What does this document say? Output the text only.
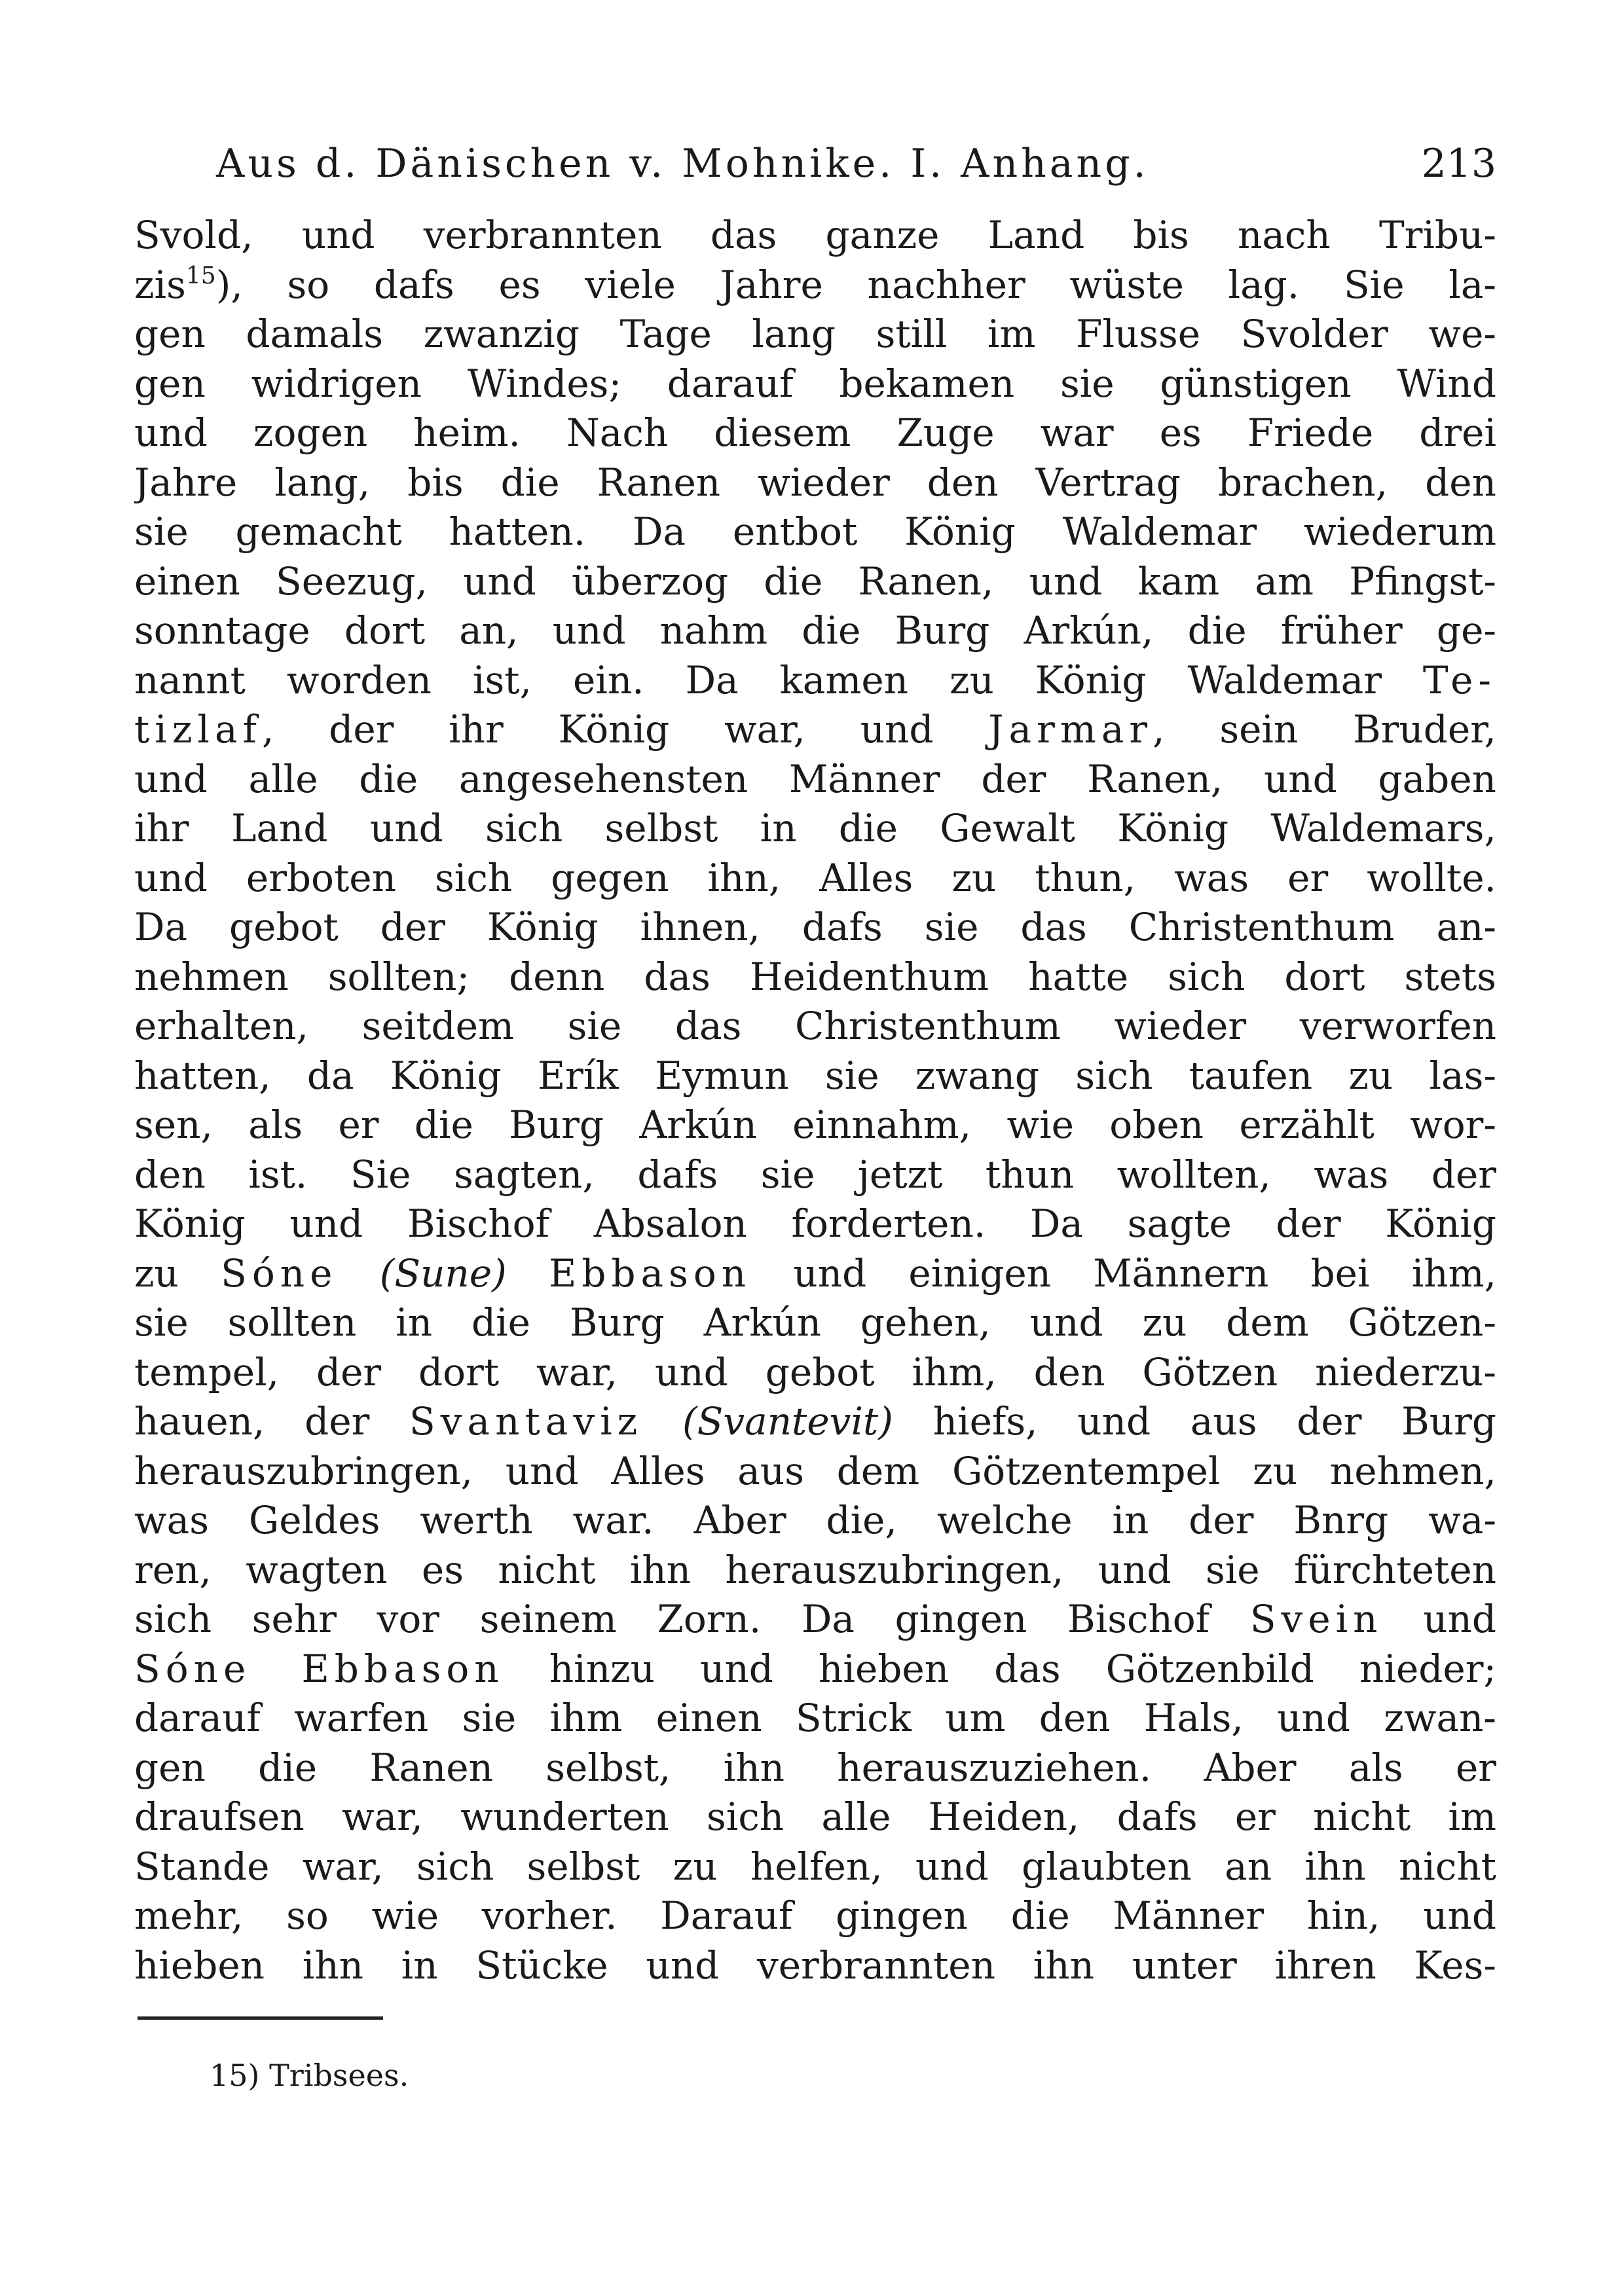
Aus d. Dänischen v. Mohnike. I. Anhang.	213
Svold, und verbrannten das ganze Land bis nach Tribu-
zis$^{15}$), so dafs es viele Jahre nachher wüste lag. Sie la-
gen damals zwanzig Tage lang still im Flusse Svolder we-
gen widrigen Windes; darauf bekamen sie günstigen Wind
und zogen heim. Nach diesem Zuge war es Friede drei
Jahre lang, bis die Ranen wieder den Vertrag brachen, den
sie gemacht hatten. Da entbot König Waldemar wiederum
einen Seezug, und überzog die Ranen, und kam am Pfingst-
sonntage dort an, und nahm die Burg Arkún, die früher ge-
nannt worden ist, ein. Da kamen zu König Waldemar Te-
tizlaf, der ihr König war, und Jarmar, sein Bruder,
und alle die angesehensten Männer der Ranen, und gaben
ihr Land und sich selbst in die Gewalt König Waldemars,
und erboten sich gegen ihn, Alles zu thun, was er wollte.
Da gebot der König ihnen, dafs sie das Christenthum an-
nehmen sollten; denn das Heidenthum hatte sich dort stets
erhalten, seitdem sie das Christenthum wieder verworfen
hatten, da König Erík Eymun sie zwang sich taufen zu las-
sen, als er die Burg Arkún einnahm, wie oben erzählt wor-
den ist. Sie sagten, dafs sie jetzt thun wollten, was der
König und Bischof Absalon forderten. Da sagte der König
zu Sóne (Sune) Ebbason und einigen Männern bei ihm,
sie sollten in die Burg Arkún gehen, und zu dem Götzen-
tempel, der dort war, und gebot ihm, den Götzen niederzu-
hauen, der Svantaviz (Svantevit) hiefs, und aus der Burg
herauszubringen, und Alles aus dem Götzentempel zu nehmen,
was Geldes werth war. Aber die, welche in der Bnrg wa-
ren, wagten es nicht ihn herauszubringen, und sie fürchteten
sich sehr vor seinem Zorn. Da gingen Bischof Svein und
Sóne Ebbason hinzu und hieben das Götzenbild nieder;
darauf warfen sie ihm einen Strick um den Hals, und zwan-
gen die Ranen selbst, ihn herauszuziehen. Aber als er
draufsen war, wunderten sich alle Heiden, dafs er nicht im
Stande war, sich selbst zu helfen, und glaubten an ihn nicht
mehr, so wie vorher. Darauf gingen die Männer hin, und
hieben ihn in Stücke und verbrannten ihn unter ihren Kes-
15) Tribsees.
